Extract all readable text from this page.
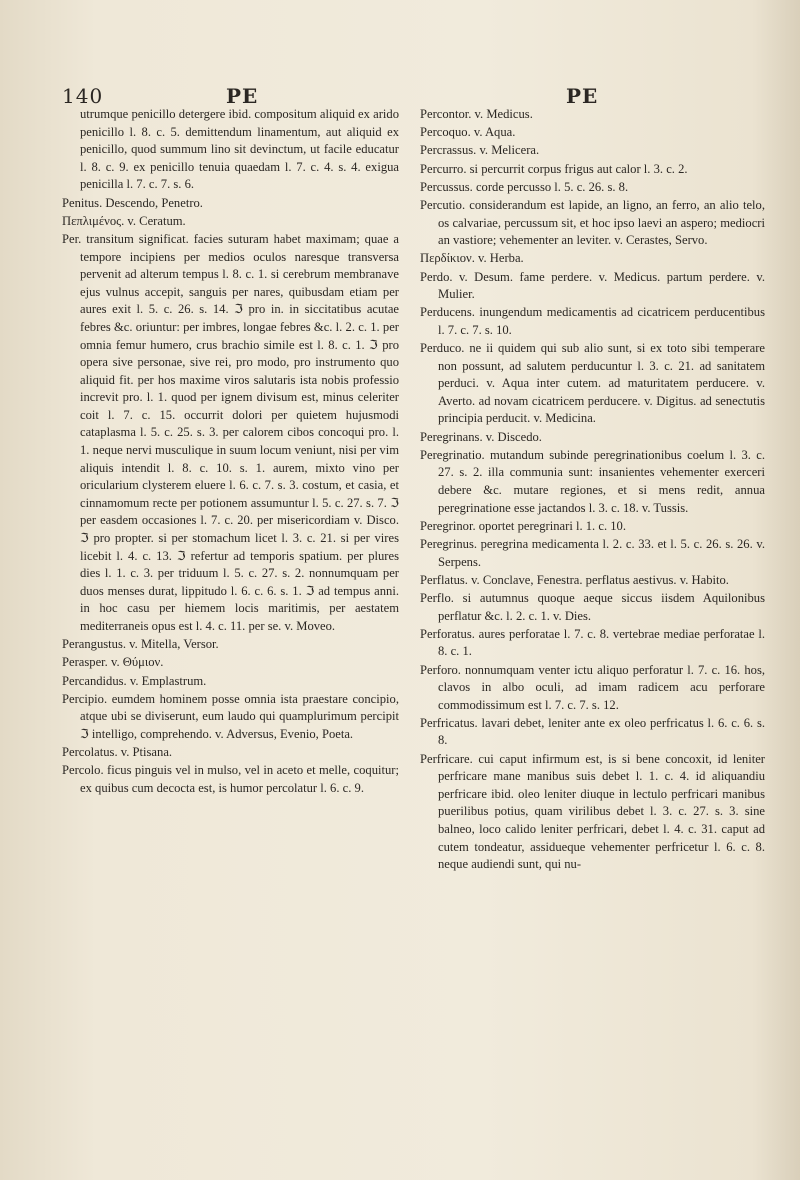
140	PE	PE

utrumque penicillo detergere ibid. compositum aliquid ex arido penicillo l. 8. c. 5. demittendum linamentum, aut aliquid ex penicillo, quod summum lino sit devinctum, ut facile educatur l. 8. c. 9. ex penicillo tenuia quaedam l. 7. c. 4. s. 4. exigua penicilla l. 7. c. 7. s. 6.

Penitus. Descendo, Penetro.

Πεπλιμένος. v. Ceratum.

Per. transitum significat. facies suturam habet maximam; quae a tempore incipiens per medios oculos naresque transversa pervenit ad alterum tempus l. 8. c. 1. si cerebrum membranave ejus vulnus accepit, sanguis per nares, quibusdam etiam per aures exit l. 5. c. 26. s. 14. ℑ pro in. in siccitatibus acutae febres &c. oriuntur: per imbres, longae febres &c. l. 2. c. 1. per omnia femur humero, crus brachio simile est l. 8. c. 1. ℑ pro opera sive personae, sive rei, pro modo, pro instrumento quo aliquid fit. per hos maxime viros salutaris ista nobis professio increvit pro. l. 1. quod per ignem divisum est, minus celeriter coit l. 7. c. 15. occurrit dolori per quietem hujusmodi cataplasma l. 5. c. 25. s. 3. per calorem cibos concoqui pro. l. 1. neque nervi musculique in suum locum veniunt, nisi per vim aliquis intendit l. 8. c. 10. s. 1. aurem, mixto vino per oricularium clysterem eluere l. 6. c. 7. s. 3. costum, et casia, et cinnamomum recte per potionem assumuntur l. 5. c. 27. s. 7. ℑ per easdem occasiones l. 7. c. 20. per misericordiam v. Disco. ℑ pro propter. si per stomachum licet l. 3. c. 21. si per vires licebit l. 4. c. 13. ℑ refertur ad temporis spatium. per plures dies l. 1. c. 3. per triduum l. 5. c. 27. s. 2. nonnumquam per duos menses durat, lippitudo l. 6. c. 6. s. 1. ℑ ad tempus anni. in hoc casu per hiemem locis maritimis, per aestatem mediterraneis opus est l. 4. c. 11. per se. v. Moveo.

Perangustus. v. Mitella, Versor.

Perasper. v. Θύμιον.

Percandidus. v. Emplastrum.

Percipio. eumdem hominem posse omnia ista praestare concipio, atque ubi se diviserunt, eum laudo qui quamplurimum percipit ℑ intelligo, comprehendo. v. Adversus, Evenio, Poeta.

Percolatus. v. Ptisana.

Percolo. ficus pinguis vel in mulso, vel in aceto et melle, coquitur; ex quibus cum decocta est, is humor percolatur l. 6. c. 9.

Percontor. v. Medicus.

Percoquo. v. Aqua.

Percrassus. v. Melicera.

Percurro. si percurrit corpus frigus aut calor l. 3. c. 2.

Percussus. corde percusso l. 5. c. 26. s. 8.

Percutio. considerandum est lapide, an ligno, an ferro, an alio telo, os calvariae, percussum sit, et hoc ipso laevi an aspero; mediocri an vastiore; vehementer an leviter. v. Cerastes, Servo.

Περδίκιον. v. Herba.

Perdo. v. Desum. fame perdere. v. Medicus. partum perdere. v. Mulier.

Perducens. inungendum medicamentis ad cicatricem perducentibus l. 7. c. 7. s. 10.

Perduco. ne ii quidem qui sub alio sunt, si ex toto sibi temperare non possunt, ad salutem perducuntur l. 3. c. 21. ad sanitatem perduci. v. Aqua inter cutem. ad maturitatem perducere. v. Averto. ad novam cicatricem perducere. v. Digitus. ad senectutis principia perducit. v. Medicina.

Peregrinans. v. Discedo.

Peregrinatio. mutandum subinde peregrinationibus coelum l. 3. c. 27. s. 2. illa communia sunt: insanientes vehementer exerceri debere &c. mutare regiones, et si mens redit, annua peregrinatione esse jactandos l. 3. c. 18. v. Tussis.

Peregrinor. oportet peregrinari l. 1. c. 10.

Peregrinus. peregrina medicamenta l. 2. c. 33. et l. 5. c. 26. s. 26. v. Serpens.

Perflatus. v. Conclave, Fenestra. perflatus aestivus. v. Habito.

Perflo. si autumnus quoque aeque siccus iisdem Aquilonibus perflatur &c. l. 2. c. 1. v. Dies.

Perforatus. aures perforatae l. 7. c. 8. vertebrae mediae perforatae l. 8. c. 1.

Perforo. nonnumquam venter ictu aliquo perforatur l. 7. c. 16. hos, clavos in albo oculi, ad imam radicem acu perforare commodissimum est l. 7. c. 7. s. 12.

Perfricatus. lavari debet, leniter ante ex oleo perfricatus l. 6. c. 6. s. 8.

Perfricare. cui caput infirmum est, is si bene concoxit, id leniter perfricare mane manibus suis debet l. 1. c. 4. id aliquandiu perfricare ibid. oleo leniter diuque in lectulo perfricari manibus puerilibus potius, quam virilibus debet l. 3. c. 27. s. 3. sine balneo, loco calido leniter perfricari, debet l. 4. c. 31. caput ad cutem tondeatur, assidueque vehementer perfricetur l. 6. c. 8. neque audiendi sunt, qui nu-
